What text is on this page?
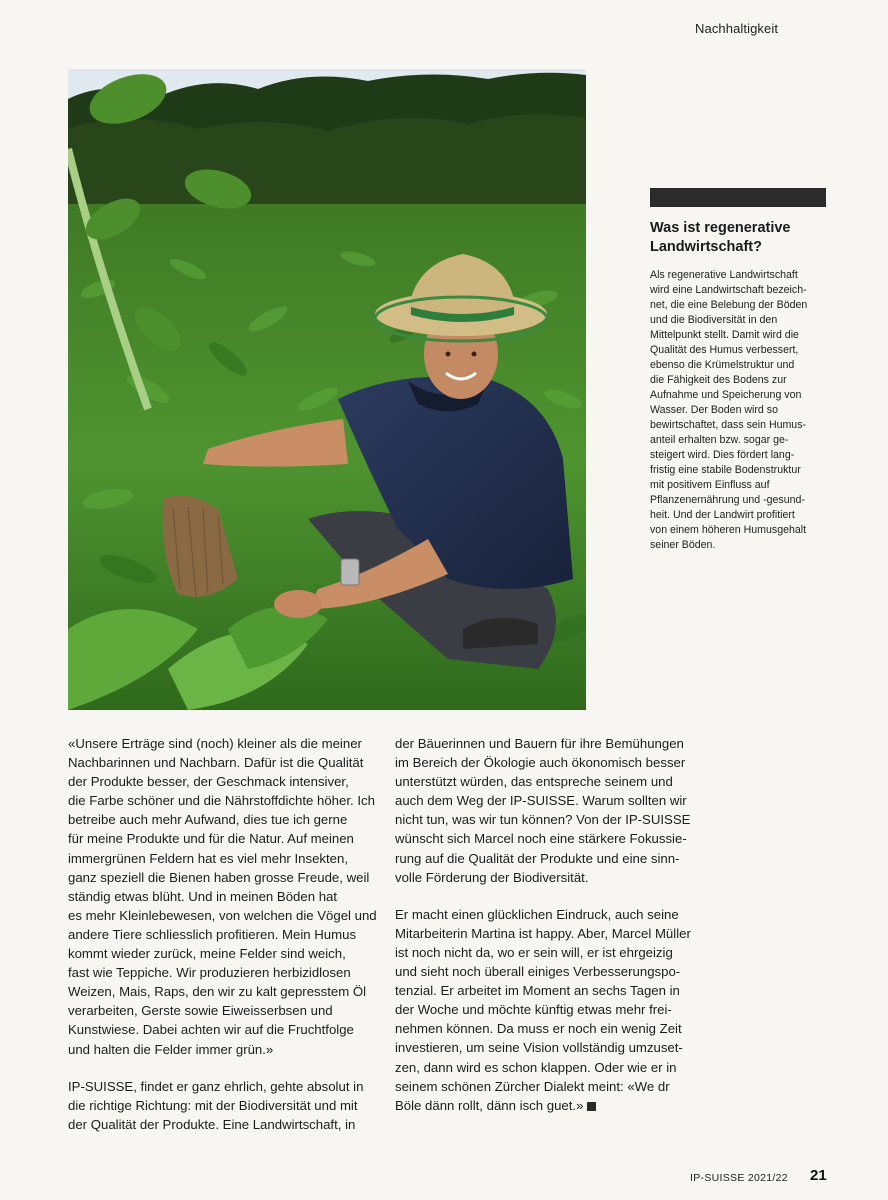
Nachhaltigkeit
Was ist regenerative
Landwirtschaft?

Als regenerative Landwirtschaft
wird eine Landwirtschaft bezeich-
net, die eine Belebung der Böden
und die Biodiversität in den
Mittelpunkt stellt. Damit wird die
Qualität des Humus verbessert,
ebenso die Krümelstruktur und
die Fähigkeit des Bodens zur
Aufnahme und Speicherung von
Wasser. Der Boden wird so
bewirtschaftet, dass sein Humus-
anteil erhalten bzw. sogar ge-
steigert wird. Dies fördert lang-
fristig eine stabile Bodenstruktur
mit positivem Einfluss auf
Pflanzenernährung und -gesund-
heit. Und der Landwirt profitiert
von einem höheren Humusgehalt
seiner Böden.

«Unsere Erträge sind (noch) kleiner als die meiner
Nachbarinnen und Nachbarn. Dafür ist die Qualität
der Produkte besser, der Geschmack intensiver,
die Farbe schöner und die Nährstoffdichte höher. Ich
betreibe auch mehr Aufwand, dies tue ich gerne
für meine Produkte und für die Natur. Auf meinen
immergrünen Feldern hat es viel mehr Insekten,
ganz speziell die Bienen haben grosse Freude, weil
ständig etwas blüht. Und in meinen Böden hat
es mehr Kleinlebewesen, von welchen die Vögel und
andere Tiere schliesslich profitieren. Mein Humus
kommt wieder zurück, meine Felder sind weich,
fast wie Teppiche. Wir produzieren herbizidlosen
Weizen, Mais, Raps, den wir zu kalt gepresstem Öl
verarbeiten, Gerste sowie Eiweisserbsen und
Kunstwiese. Dabei achten wir auf die Fruchtfolge
und halten die Felder immer grün.»

IP-SUISSE, findet er ganz ehrlich, gehte absolut in
die richtige Richtung: mit der Biodiversität und mit
der Qualität der Produkte. Eine Landwirtschaft, in

der Bäuerinnen und Bauern für ihre Bemühungen
im Bereich der Ökologie auch ökonomisch besser
unterstützt würden, das entspreche seinem und
auch dem Weg der IP-SUISSE. Warum sollten wir
nicht tun, was wir tun können? Von der IP-SUISSE
wünscht sich Marcel noch eine stärkere Fokussie-
rung auf die Qualität der Produkte und eine sinn-
volle Förderung der Biodiversität.

Er macht einen glücklichen Eindruck, auch seine
Mitarbeiterin Martina ist happy. Aber, Marcel Müller
ist noch nicht da, wo er sein will, er ist ehrgeizig
und sieht noch überall einiges Verbesserungspo-
tenzial. Er arbeitet im Moment an sechs Tagen in
der Woche und möchte künftig etwas mehr frei-
nehmen können. Da muss er noch ein wenig Zeit
investieren, um seine Vision vollständig umzuset-
zen, dann wird es schon klappen. Oder wie er in
seinem schönen Zürcher Dialekt meint: «We dr
Böle dänn rollt, dänn isch guet.»

IP-SUISSE 2021/22 21
